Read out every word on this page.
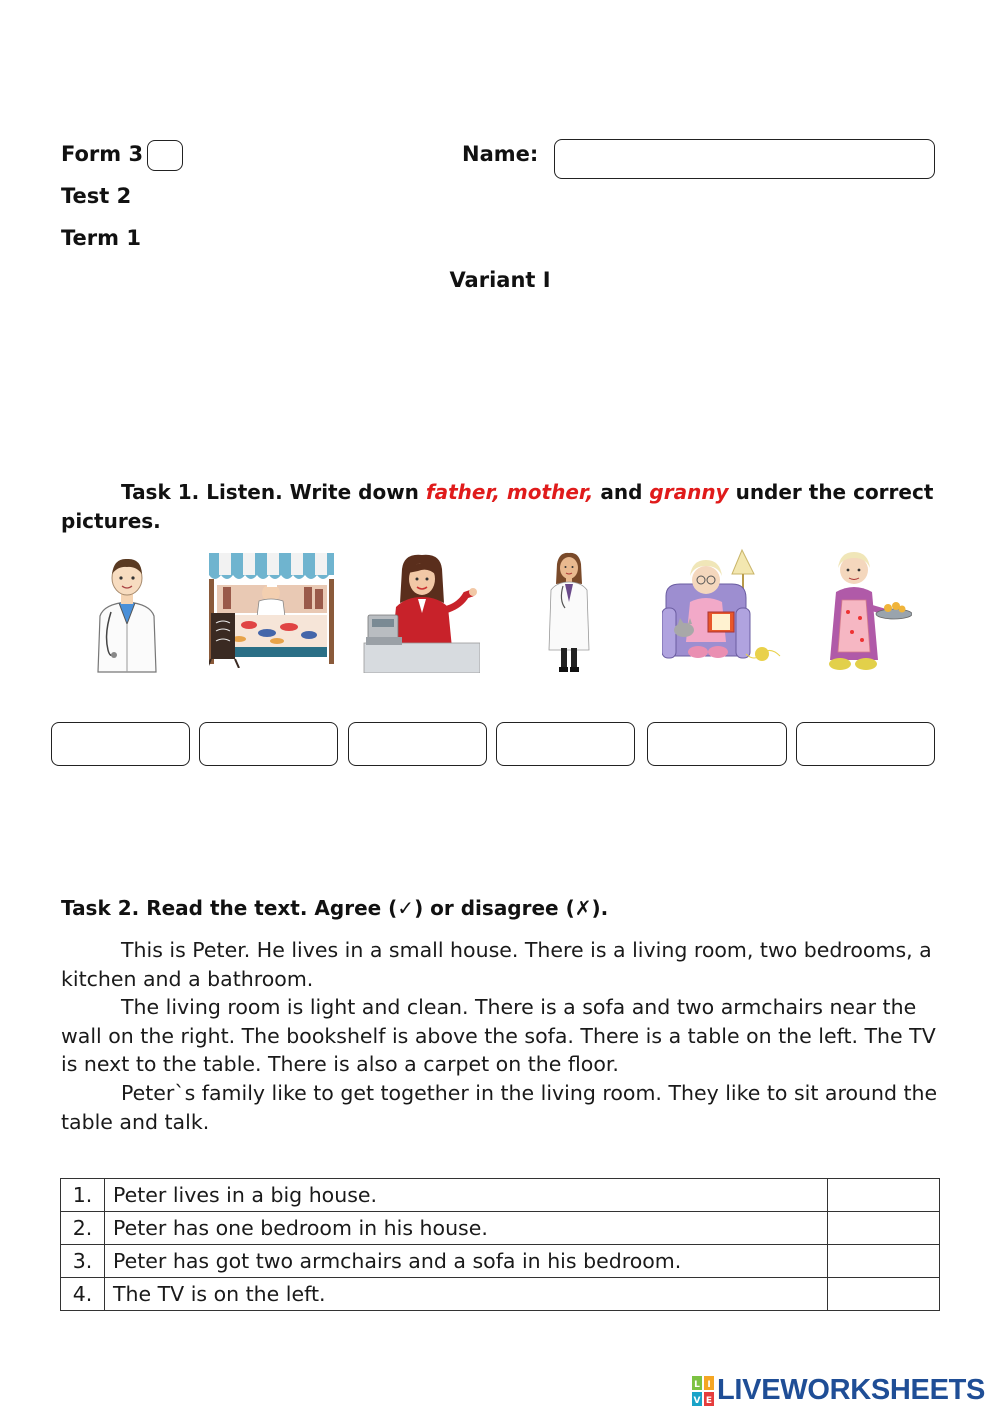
Form 3	Name:
Test 2
Term 1
Variant I
Task 1. Listen. Write down father, mother, and granny under the correct
pictures.
Task 2. Read the text. Agree (✓) or disagree (✗).

This is Peter. He lives in a small house. There is a living room, two bedrooms, a kitchen and a bathroom.

The living room is light and clean. There is a sofa and two armchairs near the wall on the right. The bookshelf is above the sofa. There is a table on the left. The TV is next to the table. There is also a carpet on the floor.

Peter`s family like to get together in the living room. They like to sit around the table and talk.

1.	Peter lives in a big house.	
2.	Peter has one bedroom in his house.	
3.	Peter has got two armchairs and a sofa in his bedroom.	
4.	The TV is on the left.	
L I
V E LIVEWORKSHEETS
